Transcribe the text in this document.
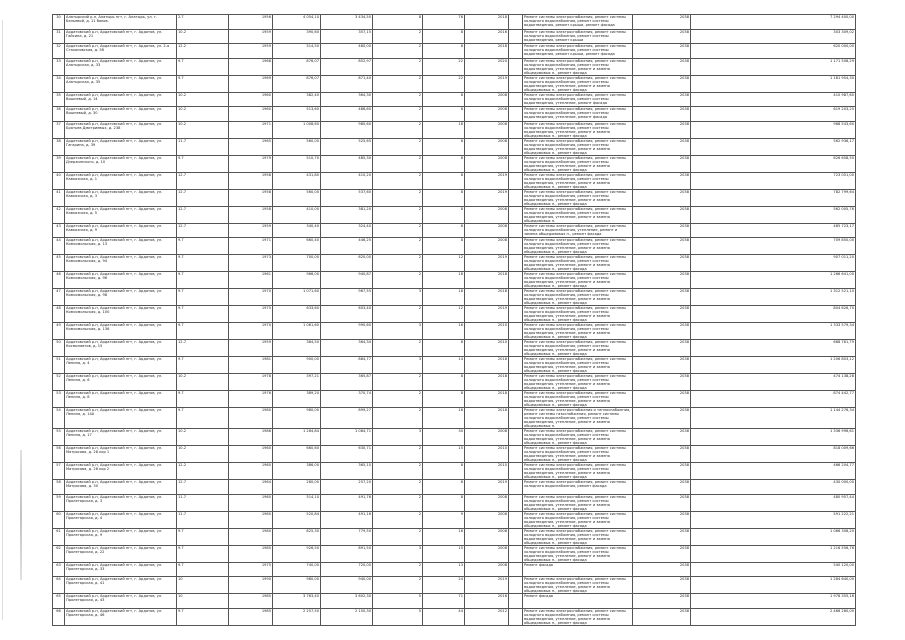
30	Алатырский р-н, Алатырь пгт, г. Алатырь, ул. г. Бельевой, д. 11 боков.	2.7	1956	4 054,10	3 434,50	8	76	2018		Ремонт системы электроснабжения, ремонт системы холодного водоснабжения, ремонт системы водоотведения, ремонт крыши, ремонт фасада	2038	7 294 400,00
31	Ардатовский р-н, Ардатовский пгт, г. Ардатов, ул. Гайсина, д. 21	10.2	1959	390,60	357,15	2	8	2016		Ремонт системы электроснабжения, ремонт системы холодного водоснабжения, ремонт системы водоотведения, ремонт крыши	2038	303 309,02
32	Ардатовский р-н, Ардатовский пгт, г. Ардатов, ул. 2-я Стахановская, д. 58	12.2	1959	514,50	480,00	2	8	2018		Ремонт системы электроснабжения, ремонт системы холодного водоснабжения, ремонт системы водоотведения, ремонт крыши, ремонт фасада	2038	620 000,00
33	Ардатовский р-н, Ардатовский пгт, г. Ардатов, ул. Алатырская, д. 33	9.7	1968	876,07	852,97	2	22	2020		Ремонт системы электроснабжения, ремонт системы холодного водоснабжения, ремонт системы водоотведения, утепление, ремонт и замена общедомовых п., ремонт фасада	2038	1 171 508,29
34	Ардатовский р-н, Ардатовский пгт, г. Ардатов, ул. Алатырская, д. 35	9.7	1969	876,07	871,40	2	22	2019		Ремонт системы электроснабжения, ремонт системы холодного водоснабжения, ремонт системы водоотведения, утепление, ремонт и замена общедомовых п., ремонт фасада	2038	1 181 954,30
35	Ардатовский р-н, Ардатовский пгт, г. Ардатов, ул. Вишневый, д. 14	10.2	1960	382,40	364,30	2	8	2008		Ремонт системы электроснабжения, ремонт системы холодного водоснабжения, ремонт системы водоотведения, утепление, ремонт фасада	2038	410 987,60
36	Ардатовский р-н, Ардатовский пгт, г. Ардатов, ул. Вишневый, д. 30	10.2	1960	513,60	486,60	2	8	2008		Ремонт системы электроснабжения, ремонт системы холодного водоснабжения, ремонт системы водоотведения, утепление, ремонт фасада	2038	619 203,25
37	Ардатовский р-н, Ардатовский пгт, г. Ардатов, ул. Братьев Дмитриевых, д. 238	10.2	1971	1 008,60	980,60	2	18	2008		Ремонт системы электроснабжения, ремонт системы холодного водоснабжения, ремонт системы водоотведения, утепление, ремонт и замена общедомовых п., ремонт фасада	2038	968 543,60
38	Ардатовский р-н, Ардатовский пгт, г. Ардатов, ул. Гагарина, д. 39	11.7	1965	560,00	525,65	2	8	2008		Ремонт системы электроснабжения, ремонт системы холодного водоснабжения, ремонт системы водоотведения, утепление, ремонт и замена общедомовых п., ремонт фасада	2038	562 936,17
39	Ардатовский р-н, Ардатовский пгт, г. Ардатов, ул. Дзержинского, д. 10	9.7	1979	510,70	485,30	2	8	2008		Ремонт системы электроснабжения, ремонт системы холодного водоснабжения, ремонт системы водоотведения, утепление, ремонт и замена общедомовых п., ремонт фасада	2038	626 658,50
40	Ардатовский р-н, Ардатовский пгт, г. Ардатов, ул. Кавказская, д. 1	12.7	1958	431,80	410,20	2	8	2019		Ремонт системы электроснабжения, ремонт системы холодного водоснабжения, ремонт системы водоотведения, утепление, ремонт и замена общедомовых п., ремонт фасада	2038	723 051,00
41	Ардатовский р-н, Ардатовский пгт, г. Ардатов, ул. Кавказская, д. 3	12.7	1958	560,00	537,60	2	8	2019		Ремонт системы электроснабжения, ремонт системы холодного водоснабжения, ремонт системы водоотведения, утепление, ремонт и замена общедомовых п., ремонт фасада	2038	782 799,64
42	Ардатовский р-н, Ардатовский пгт, г. Ардатов, ул. Кавказская, д. 5	12.7	1958	410,00	381,20	2	8	2008		Ремонт системы электроснабжения, ремонт системы холодного водоснабжения, ремонт системы водоотведения, утепление, ремонт и замена общедомовых п.	2038	562 005,76
43	Ардатовский р-н, Ардатовский пгт, г. Ардатов, ул. Кавказская, д. 9	12.7	1959	340,40	324,40	2	8	2008		Ремонт системы электроснабжения, ремонт системы холодного водоснабжения, утепление, ремонт и замена общедомовых п., ремонт фасада	2038	485 723,17
44	Ардатовский р-н, Ардатовский пгт, г. Ардатов, ул. Комсомольская, д. 13	9.7	1971	660,40	446,25	2	8	2008		Ремонт системы электроснабжения, ремонт системы холодного водоснабжения, ремонт системы водоотведения, утепление, ремонт и замена общедомовых п., ремонт фасада	2038	709 850,00
45	Ардатовский р-н, Ардатовский пгт, г. Ардатов, ул. Комсомольская, д. 94	9.7	1973	700,00	620,00	2	12	2019		Ремонт системы электроснабжения, ремонт системы холодного водоснабжения, ремонт системы водоотведения, утепление, ремонт и замена общедомовых п., ремонт фасада	2038	907 011,20
46	Ардатовский р-н, Ардатовский пгт, г. Ардатов, ул. Комсомольская, д. 96	9.7	1961	966,00	940,87	2	18	2018		Ремонт системы электроснабжения, ремонт системы холодного водоснабжения, ремонт системы водоотведения, утепление, ремонт и замена общедомовых п., ремонт фасада	2038	1 266 641,00
47	Ардатовский р-н, Ардатовский пгт, г. Ардатов, ул. Комсомольская, д. 98	9.7	1970	1 071,60	967,55	3	18	2018		Ремонт системы электроснабжения, ремонт системы холодного водоснабжения, ремонт системы водоотведения, утепление, ремонт и замена общедомовых п., ремонт фасада	2038	1 312 521,10
48	Ардатовский р-н, Ардатовский пгт, г. Ардатов, ул. Комсомольская, д. 100	9.7	1975	633,60	603,40	2	12	2019		Ремонт системы электроснабжения, ремонт системы холодного водоснабжения, ремонт системы водоотведения, утепление, ремонт и замена общедомовых п., ремонт фасада	2038	804 626,70
49	Ардатовский р-н, Ардатовский пгт, г. Ардатов, ул. Комсомольская, д. 136	9.7	1970	1 061,60	990,60	3	16	2010		Ремонт системы электроснабжения, ремонт системы холодного водоснабжения, ремонт системы водоотведения, утепление, ремонт и замена общедомовых п., ремонт фасада	2038	1 333 579,34
50	Ардатовский р-н, Ардатовский пгт, г. Ардатов, ул. Космонавтов, д. 15	12.7	1959	384,50	364,34	2	8	2010		Ремонт системы электроснабжения, ремонт системы холодного водоснабжения, ремонт системы водоотведения, утепление, ремонт и замена общедомовых п., ремонт фасада	2038	668 761,79
51	Ардатовский р-н, Ардатовский пгт, г. Ардатов, ул. Ленина, д. 4	9.7	1981	900,00	884,77	3	14	2018		Ремонт системы электроснабжения, ремонт системы холодного водоснабжения, ремонт системы водоотведения, утепление, ремонт и замена общедомовых п., ремонт фасада	2038	1 206 803,12
52	Ардатовский р-н, Ардатовский пгт, г. Ардатов, ул. Ленина, д. 6	10.2	1978	397,21	365,87	2	8	2018		Ремонт системы электроснабжения, ремонт системы холодного водоснабжения, ремонт системы водоотведения, утепление, ремонт и замена общедомовых п., ремонт фасада	2038	474 138,28
53	Ардатовский р-н, Ардатовский пгт, г. Ардатов, ул. Ленина, д. 8	9.7	1976	389,20	370,74	2	8	2018		Ремонт системы электроснабжения, ремонт системы холодного водоснабжения, ремонт системы водоотведения, утепление, ремонт и замена общедомовых п., ремонт фасада	2038	874 442,77
54	Ардатовский р-н, Ардатовский пгт, г. Ардатов, ул. Ленина, д. 14А	9.7	1980	980,00	899,27	2	16	2018		Ремонт системы электроснабжения и теплоснабжения, ремонт системы газоснабжения, ремонт системы холодного водоснабжения, ремонт системы водоотведения, утепление, ремонт и замена общедомовых п.	2038	1 144 276,34
55	Ардатовский р-н, Ардатовский пгт, г. Ардатов, ул. Ленина, д. 17	10.2	1986	1 284,84	1 084,71	3	30	2008		Ремонт системы электроснабжения, ремонт системы холодного водоснабжения, ремонт системы водоотведения, утепление, ремонт и замена общедомовых п., ремонт фасада	2038	1 336 996,61
56	Ардатовский р-н, Ардатовский пгт, г. Ардатов, ул. Матросова, д. 28 кор 1	10.2	1960	660,60	630,71	2	15	2010		Ремонт системы электроснабжения, ремонт системы холодного водоснабжения, ремонт системы водоотведения, утепление, ремонт и замена общедомовых п., ремонт фасада	2038	818 009,66
57	Ардатовский р-н, Ардатовский пгт, г. Ардатов, ул. Матросова, д. 28 кор 2	12.2	1960	386,00	365,10	2	8	2010		Ремонт системы электроснабжения, ремонт системы холодного водоснабжения, ремонт системы водоотведения, утепление, ремонт и замена общедомовых п., ремонт фасада	2038	466 204,77
58	Ардатовский р-н, Ардатовский пгт, г. Ардатов, ул. Матросова, д. 30	12.7	1964	280,00	257,20	2	8	2019		Ремонт системы электроснабжения, ремонт системы холодного водоснабжения, ремонт фасада	2038	430 000,00
59	Ардатовский р-н, Ардатовский пгт, г. Ардатов, ул. Пролетарская, д. 3	11.7	1960	514,10	491,76	2	8	2008		Ремонт системы электроснабжения, ремонт системы холодного водоснабжения, ремонт системы водоотведения, утепление, ремонт и замена общедомовых п., ремонт фасада	2038	480 957,44
60	Ардатовский р-н, Ардатовский пгт, г. Ардатов, ул. Пролетарская, д. 4	11.7	1960	520,84	491,16	2	9	2008		Ремонт системы электроснабжения, ремонт системы холодного водоснабжения, ремонт системы водоотведения, утепление, ремонт и замена общедомовых п., ремонт фасада	2038	591 222,21
61	Ардатовский р-н, Ардатовский пгт, г. Ардатов, ул. Пролетарская, д. 9	9.7	1980	825,30	779,50	2	16	2008		Ремонт системы электроснабжения, ремонт системы холодного водоснабжения, ремонт системы водоотведения, утепление, ремонт и замена общедомовых п., ремонт фасада	2038	1 066 308,20
62	Ардатовский р-н, Ардатовский пгт, г. Ардатов, ул. Пролетарская, д. 22	9.7	1985	926,50	891,50	3	15	2008		Ремонт системы электроснабжения, ремонт системы холодного водоснабжения, ремонт системы водоотведения, утепление, ремонт и замена общедомовых п., ремонт фасада	2038	1 216 556,76
63	Ардатовский р-н, Ардатовский пгт, г. Ардатов, ул. Пролетарская, д. 33	9.7	1975	740,00	720,00	2	13	2008		Ремонт фасада	2038	540 120,00
64	Ардатовский р-н, Ардатовский пгт, г. Ардатов, ул. Пролетарская, д. 41	10	1990	960,00	940,00	2	24	2019		Ремонт системы электроснабжения, ремонт системы холодного водоснабжения, ремонт системы водоотведения, утепление, ремонт и замена общедомовых п., ремонт фасада	2038	1 284 640,00
65	Ардатовский р-н, Ардатовский пгт, г. Ардатов, ул. Пролетарская, д. 43	10	1985	3 763,40	3 602,30	5	71	2016		Ремонт фасада	2038	1 976 355,16
66	Ардатовский р-н, Ардатовский пгт, г. Ардатов, ул. Пролетарская, д. 46	9.7	1985	2 257,50	2 150,30	5	44	2012		Ремонт системы электроснабжения, ремонт системы холодного водоснабжения, ремонт системы водоотведения, утепление, ремонт и замена общедомовых п., ремонт фасада	2038	2 466 280,00
